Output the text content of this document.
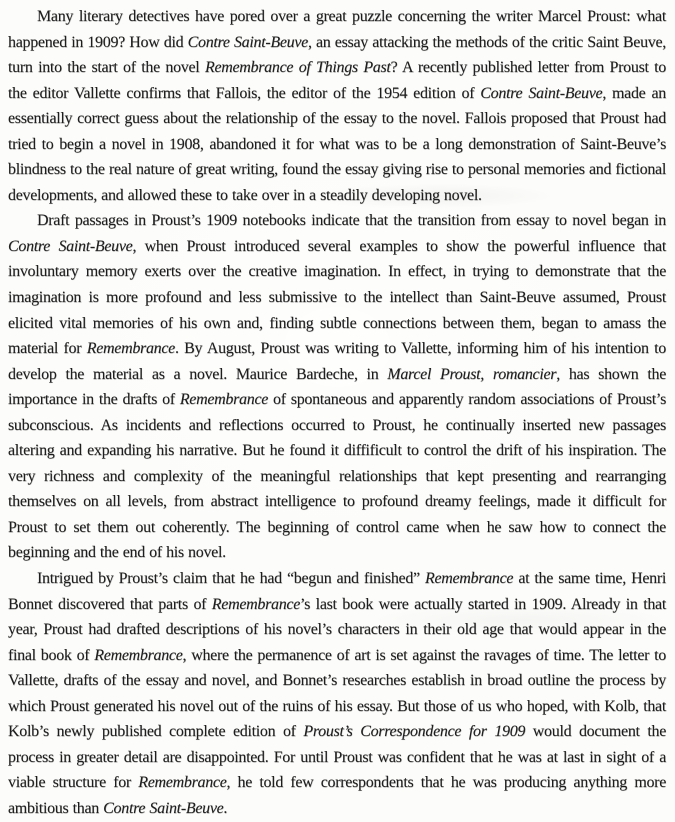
Many literary detectives have pored over a great puzzle concerning the writer Marcel Proust: what happened in 1909? How did Contre Saint-Beuve, an essay attacking the methods of the critic Saint Beuve, turn into the start of the novel Remembrance of Things Past? A recently published letter from Proust to the editor Vallette confirms that Fallois, the editor of the 1954 edition of Contre Saint-Beuve, made an essentially correct guess about the relationship of the essay to the novel. Fallois proposed that Proust had tried to begin a novel in 1908, abandoned it for what was to be a long demonstration of Saint-Beuve’s blindness to the real nature of great writing, found the essay giving rise to personal memories and fictional developments, and allowed these to take over in a steadily developing novel.

Draft passages in Proust’s 1909 notebooks indicate that the transition from essay to novel began in Contre Saint-Beuve, when Proust introduced several examples to show the powerful influence that involuntary memory exerts over the creative imagination. In effect, in trying to demonstrate that the imagination is more profound and less submissive to the intellect than Saint-Beuve assumed, Proust elicited vital memories of his own and, finding subtle connections between them, began to amass the material for Remembrance. By August, Proust was writing to Vallette, informing him of his intention to develop the material as a novel. Maurice Bardeche, in Marcel Proust, romancier, has shown the importance in the drafts of Remembrance of spontaneous and apparently random associations of Proust’s subconscious. As incidents and reflections occurred to Proust, he continually inserted new passages altering and expanding his narrative. But he found it diffificult to control the drift of his inspiration. The very richness and complexity of the meaningful relationships that kept presenting and rearranging themselves on all levels, from abstract intelligence to profound dreamy feelings, made it difficult for Proust to set them out coherently. The beginning of control came when he saw how to connect the beginning and the end of his novel.

Intrigued by Proust’s claim that he had “begun and finished” Remembrance at the same time, Henri Bonnet discovered that parts of Remembrance’s last book were actually started in 1909. Already in that year, Proust had drafted descriptions of his novel’s characters in their old age that would appear in the final book of Remembrance, where the permanence of art is set against the ravages of time. The letter to Vallette, drafts of the essay and novel, and Bonnet’s researches establish in broad outline the process by which Proust generated his novel out of the ruins of his essay. But those of us who hoped, with Kolb, that Kolb’s newly published complete edition of Proust’s Correspondence for 1909 would document the process in greater detail are disappointed. For until Proust was confident that he was at last in sight of a viable structure for Remembrance, he told few correspondents that he was producing anything more ambitious than Contre Saint-Beuve.
